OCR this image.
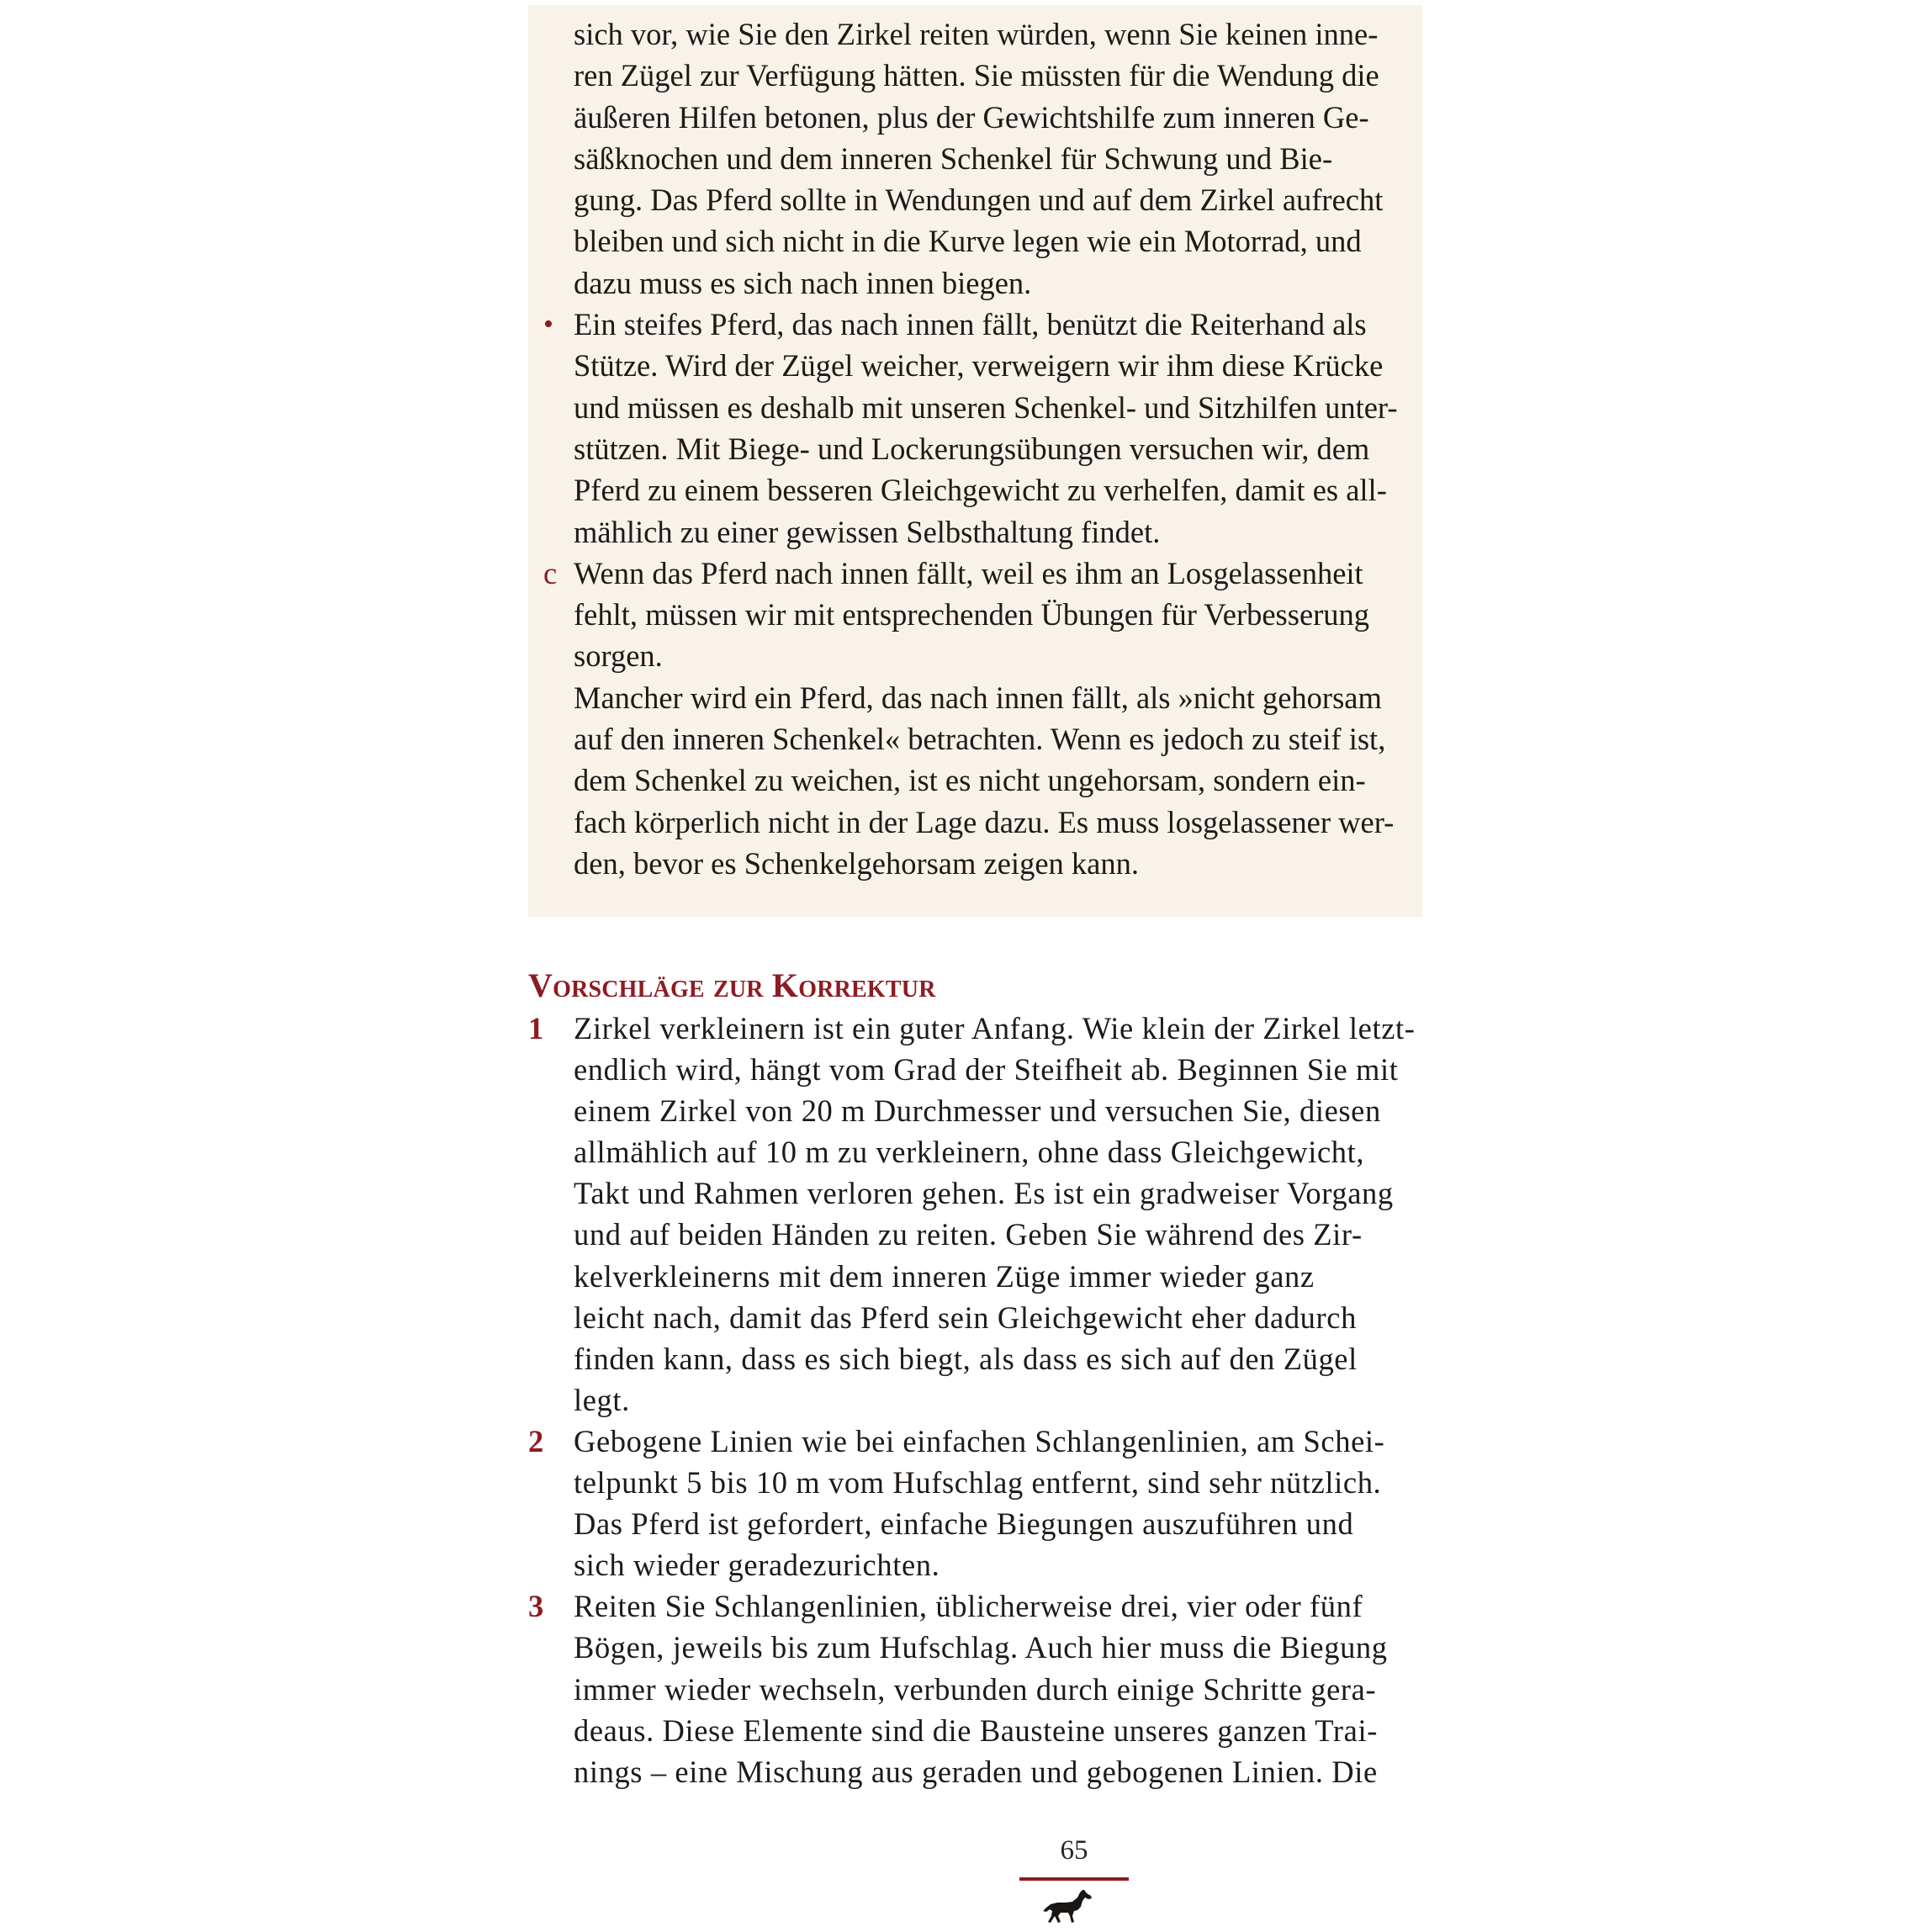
sich vor, wie Sie den Zirkel reiten würden, wenn Sie keinen inne-
ren Zügel zur Verfügung hätten. Sie müssten für die Wendung die
äußeren Hilfen betonen, plus der Gewichtshilfe zum inneren Ge-
säßknochen und dem inneren Schenkel für Schwung und Bie-
gung. Das Pferd sollte in Wendungen und auf dem Zirkel aufrecht
bleiben und sich nicht in die Kurve legen wie ein Motorrad, und
dazu muss es sich nach innen biegen.
• Ein steifes Pferd, das nach innen fällt, benützt die Reiterhand als
Stütze. Wird der Zügel weicher, verweigern wir ihm diese Krücke
und müssen es deshalb mit unseren Schenkel- und Sitzhilfen unter-
stützen. Mit Biege- und Lockerungsübungen versuchen wir, dem
Pferd zu einem besseren Gleichgewicht zu verhelfen, damit es all-
mählich zu einer gewissen Selbsthaltung findet.
c Wenn das Pferd nach innen fällt, weil es ihm an Losgelassenheit
fehlt, müssen wir mit entsprechenden Übungen für Verbesserung
sorgen.
Mancher wird ein Pferd, das nach innen fällt, als »nicht gehorsam
auf den inneren Schenkel« betrachten. Wenn es jedoch zu steif ist,
dem Schenkel zu weichen, ist es nicht ungehorsam, sondern ein-
fach körperlich nicht in der Lage dazu. Es muss losgelassener wer-
den, bevor es Schenkelgehorsam zeigen kann.
Vorschläge zur Korrektur
1 Zirkel verkleinern ist ein guter Anfang. Wie klein der Zirkel letzt-
endlich wird, hängt vom Grad der Steifheit ab. Beginnen Sie mit
einem Zirkel von 20 m Durchmesser und versuchen Sie, diesen
allmählich auf 10 m zu verkleinern, ohne dass Gleichgewicht,
Takt und Rahmen verloren gehen. Es ist ein gradweiser Vorgang
und auf beiden Händen zu reiten. Geben Sie während des Zir-
kelverkleinerns mit dem inneren Züge immer wieder ganz
leicht nach, damit das Pferd sein Gleichgewicht eher dadurch
finden kann, dass es sich biegt, als dass es sich auf den Zügel
legt.
2 Gebogene Linien wie bei einfachen Schlangenlinien, am Schei-
telpunkt 5 bis 10 m vom Hufschlag entfernt, sind sehr nützlich.
Das Pferd ist gefordert, einfache Biegungen auszuführen und
sich wieder geradezurichten.
3 Reiten Sie Schlangenlinien, üblicherweise drei, vier oder fünf
Bögen, jeweils bis zum Hufschlag. Auch hier muss die Biegung
immer wieder wechseln, verbunden durch einige Schritte gera-
deaus. Diese Elemente sind die Bausteine unseres ganzen Trai-
nings – eine Mischung aus geraden und gebogenen Linien. Die
65
